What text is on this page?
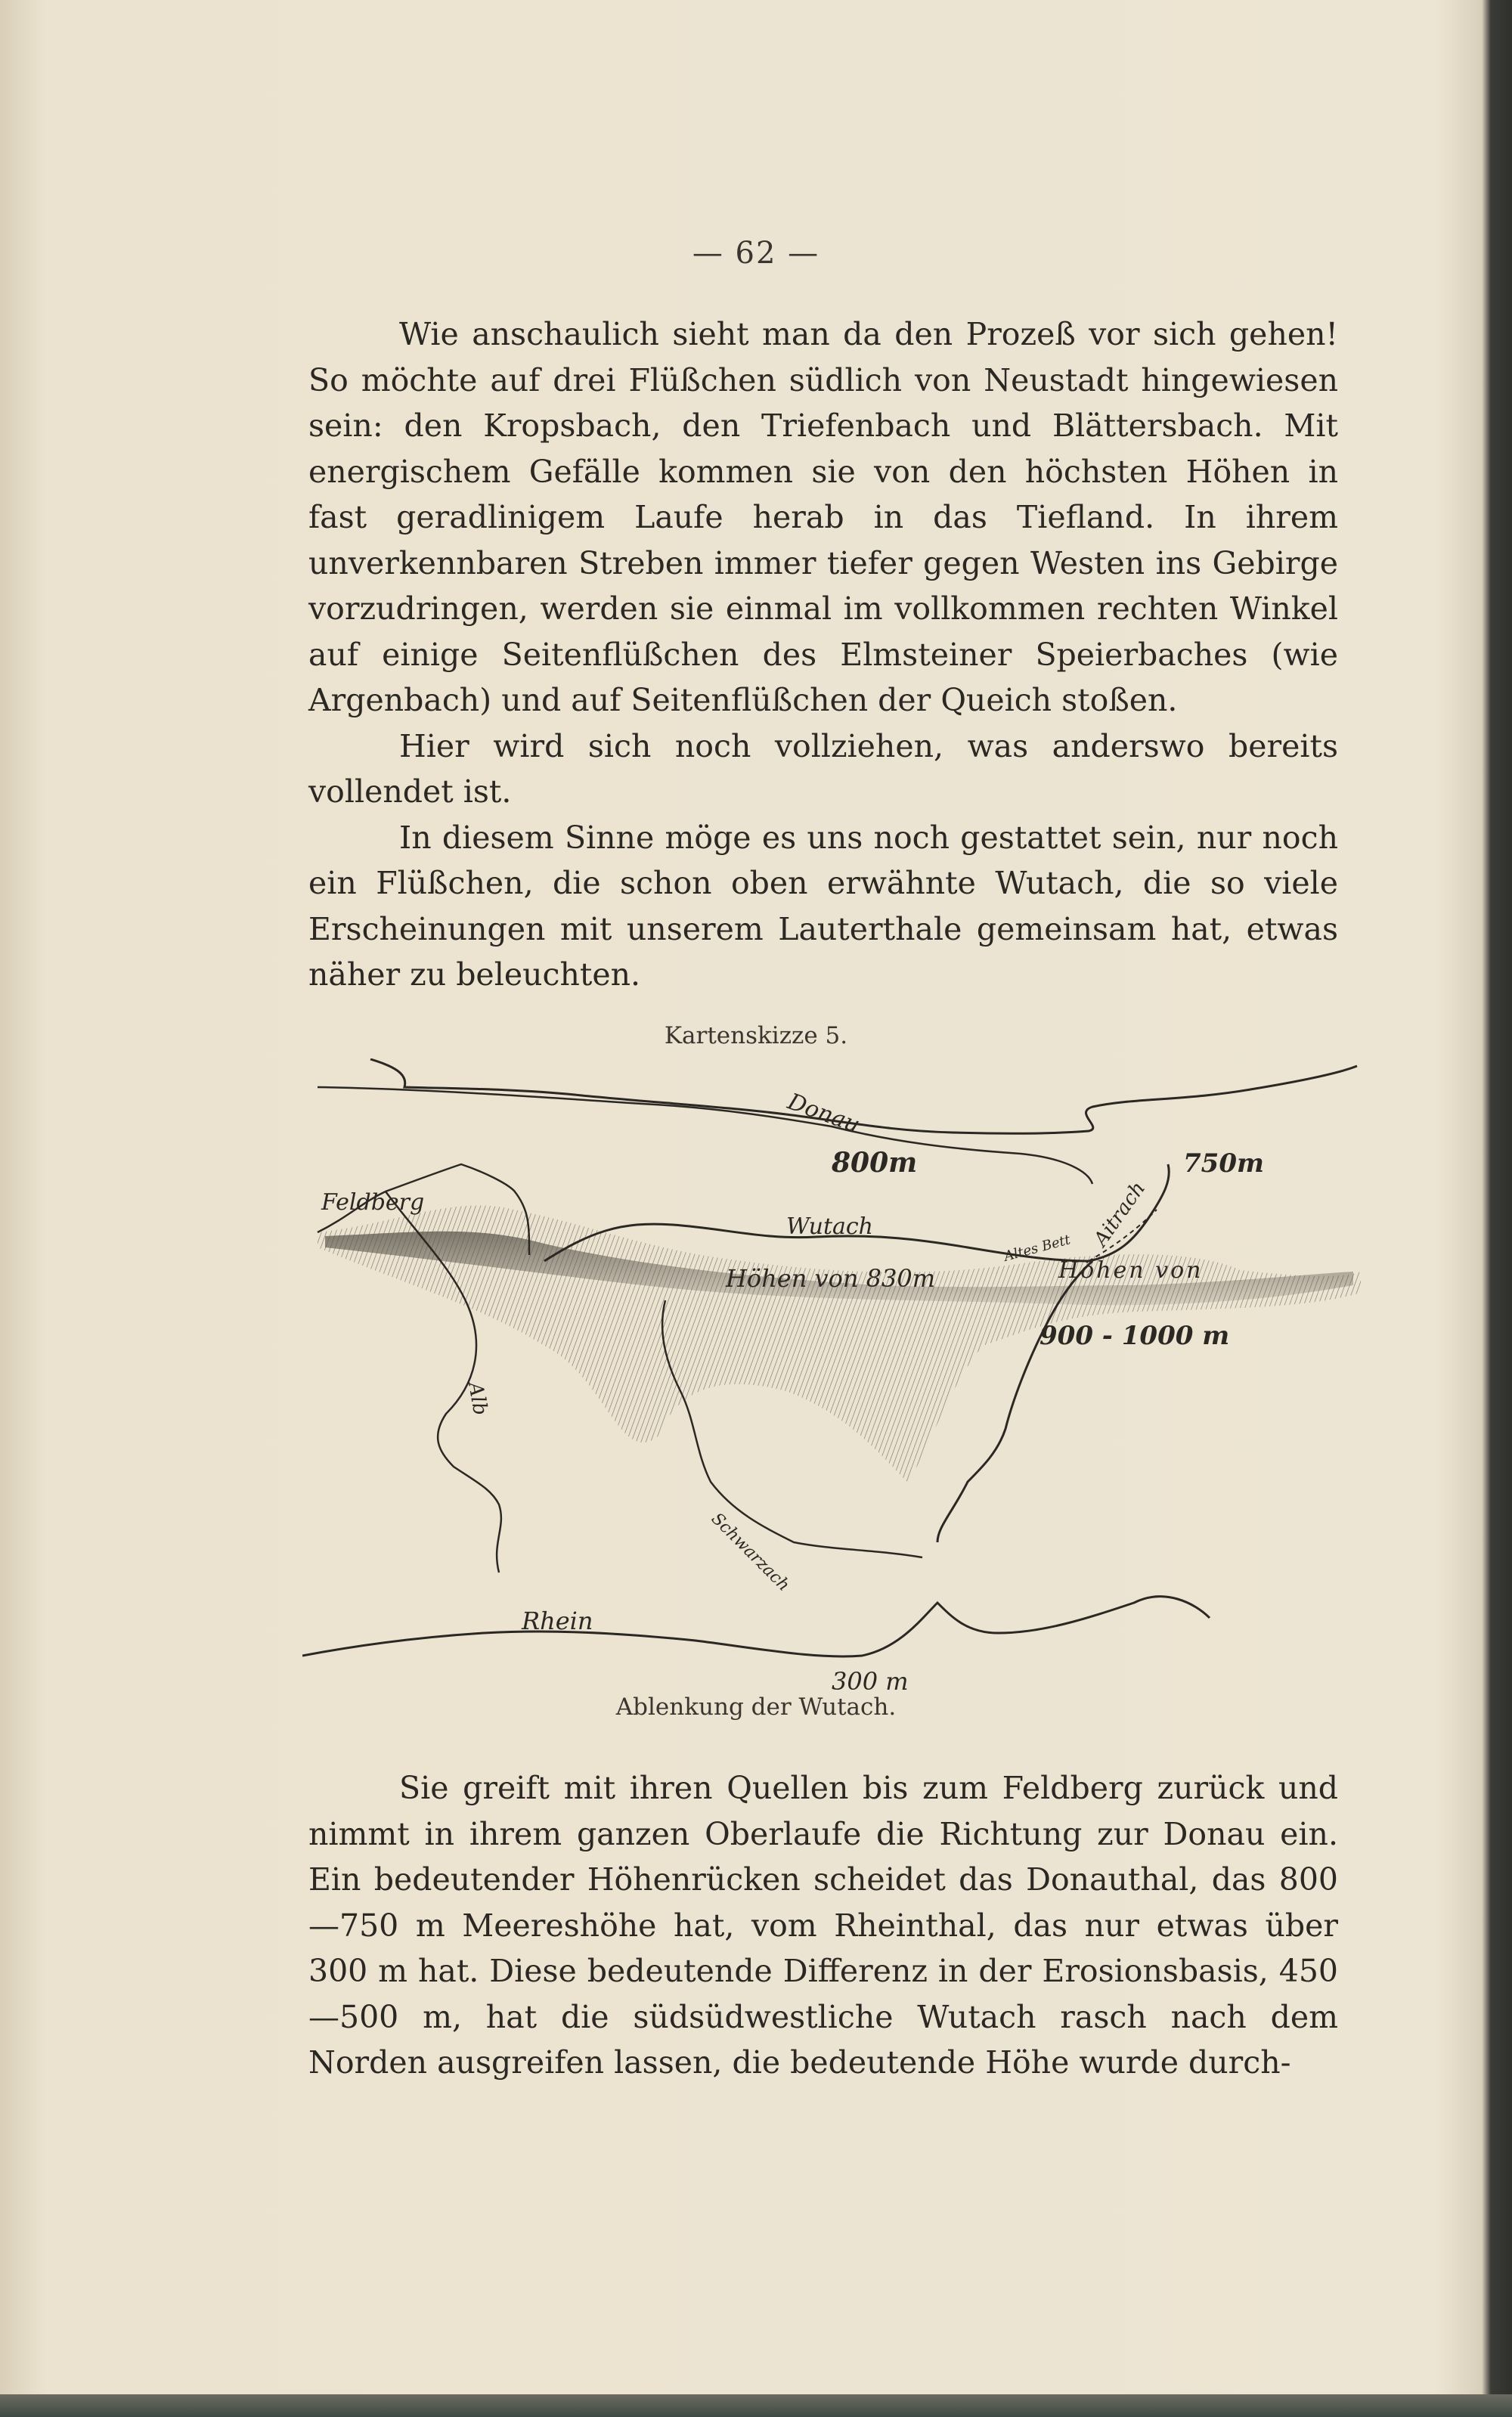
— 62 —

Wie anschaulich sieht man da den Prozeß vor sich gehen! So möchte auf drei Flüßchen südlich von Neustadt hingewiesen sein: den Kropsbach, den Triefenbach und Blättersbach. Mit energischem Gefälle kommen sie von den höchsten Höhen in fast geradlinigem Laufe herab in das Tiefland. In ihrem unverkennbaren Streben immer tiefer gegen Westen ins Gebirge vorzudringen, werden sie einmal im vollkommen rechten Winkel auf einige Seitenflüßchen des Elmsteiner Speierbaches (wie Argenbach) und auf Seitenflüßchen der Queich stoßen.

Hier wird sich noch vollziehen, was anderswo bereits vollendet ist.

In diesem Sinne möge es uns noch gestattet sein, nur noch ein Flüßchen, die schon oben erwähnte Wutach, die so viele Erscheinungen mit unserem Lauterthale gemeinsam hat, etwas näher zu beleuchten.

Kartenskizze 5.
Donau
800m	750m
Feldberg
Wutach
Altes Bett Aitrach
Höhen von 830m	Höhen von
900 - 1000 m
Alb
Schwarzach
Rhein
300 m
Ablenkung der Wutach.

Sie greift mit ihren Quellen bis zum Feldberg zurück und nimmt in ihrem ganzen Oberlaufe die Richtung zur Donau ein. Ein bedeutender Höhenrücken scheidet das Donauthal, das 800—750 m Meereshöhe hat, vom Rheinthal, das nur etwas über 300 m hat. Diese bedeutende Differenz in der Erosionsbasis, 450—500 m, hat die südsüdwestliche Wutach rasch nach dem Norden ausgreifen lassen, die bedeutende Höhe wurde durch-
